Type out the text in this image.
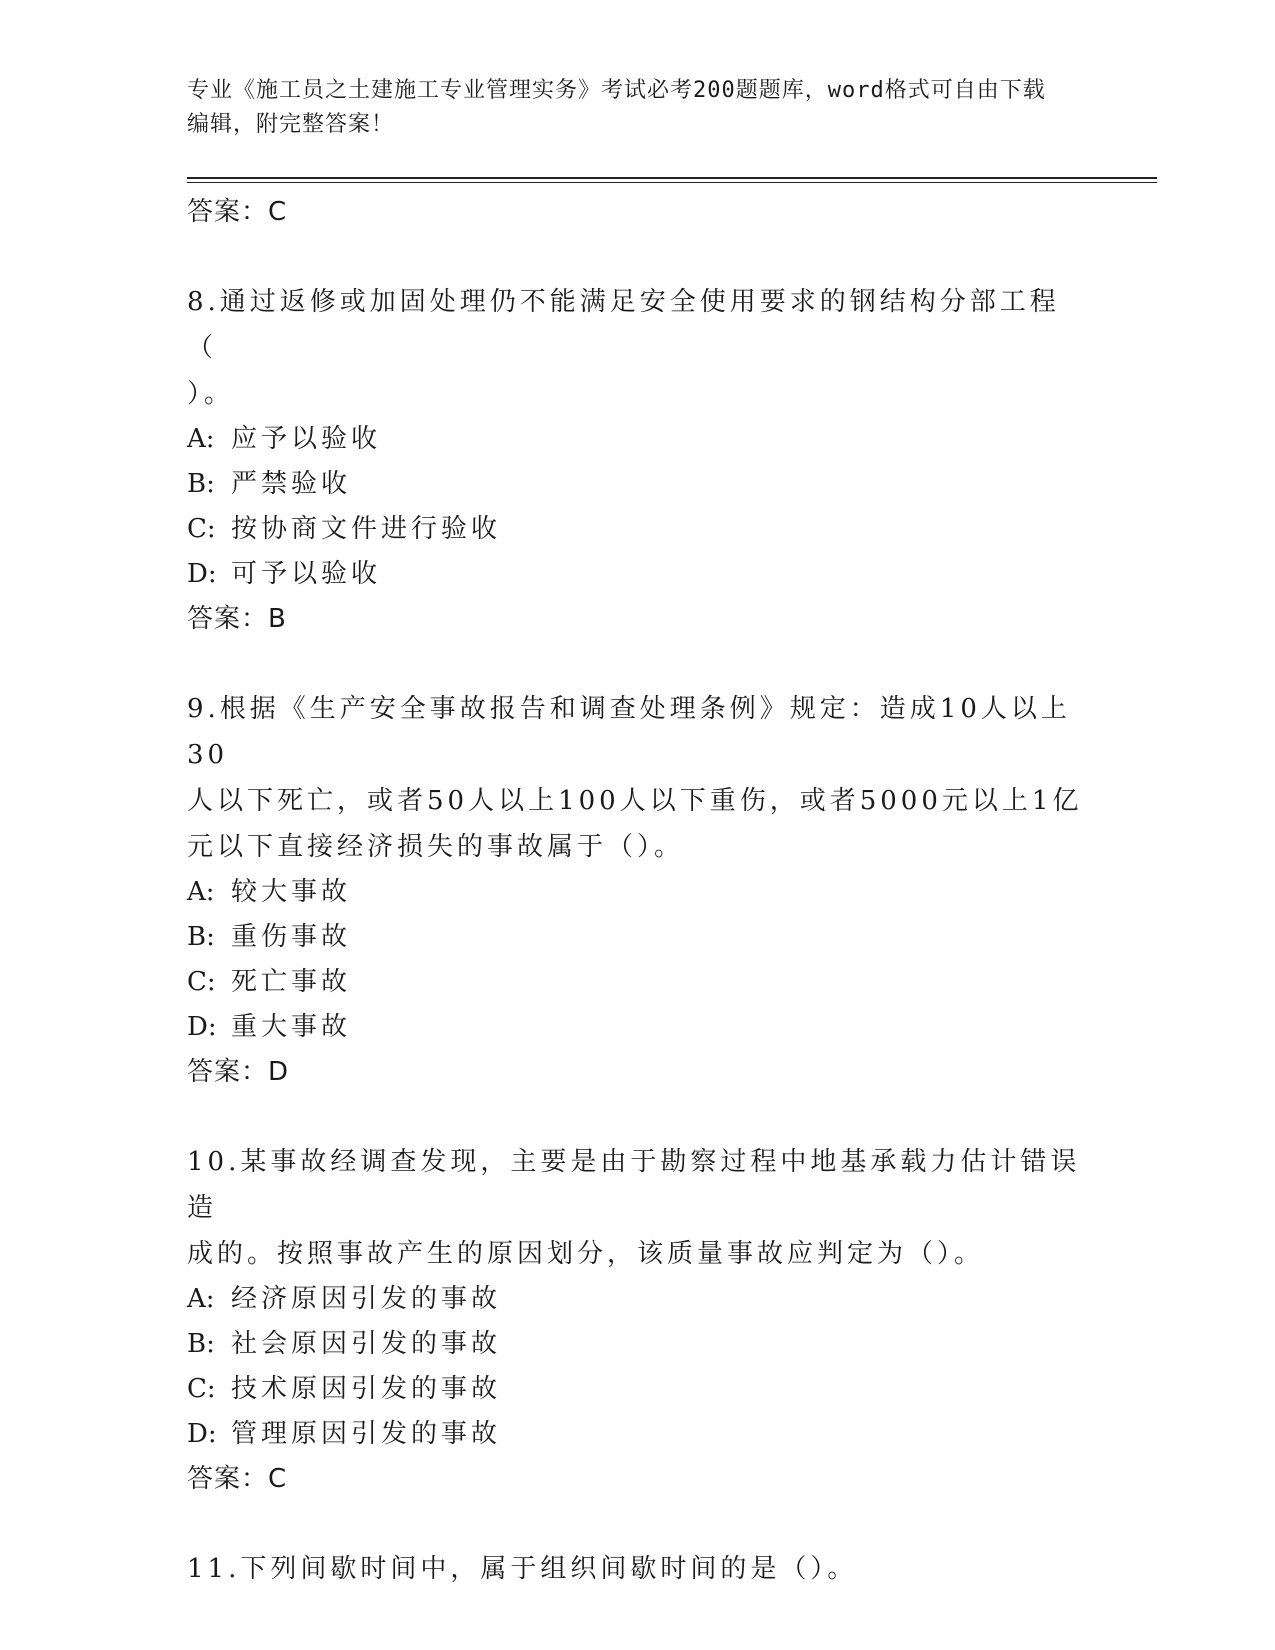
专业《施工员之土建施工专业管理实务》考试必考200题题库，word格式可自由下载编辑，附完整答案！
答案：C
8.通过返修或加固处理仍不能满足安全使用要求的钢结构分部工程（
）。
A: 应予以验收
B: 严禁验收
C: 按协商文件进行验收
D: 可予以验收
答案：B
9.根据《生产安全事故报告和调查处理条例》规定：造成10人以上30
人以下死亡，或者50人以上100人以下重伤，或者5000元以上1亿
元以下直接经济损失的事故属于（）。
A: 较大事故
B: 重伤事故
C: 死亡事故
D: 重大事故
答案：D
10.某事故经调查发现，主要是由于勘察过程中地基承载力估计错误造
成的。按照事故产生的原因划分，该质量事故应判定为（）。
A: 经济原因引发的事故
B: 社会原因引发的事故
C: 技术原因引发的事故
D: 管理原因引发的事故
答案：C
11.下列间歇时间中，属于组织间歇时间的是（）。
